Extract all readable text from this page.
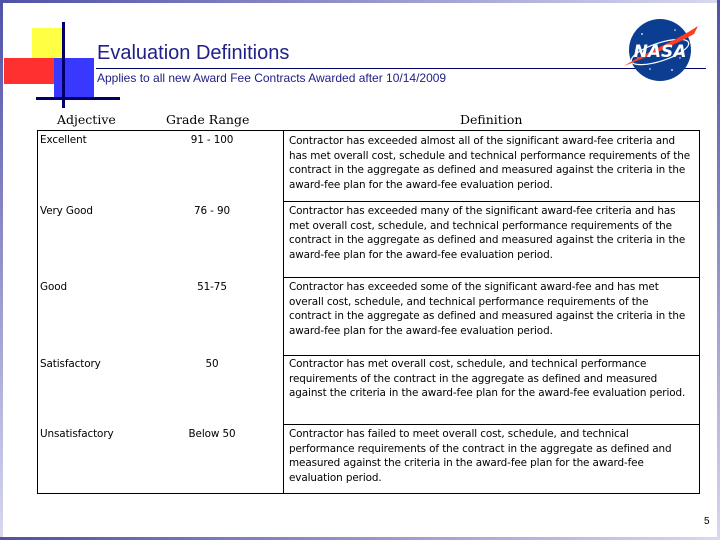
Evaluation Definitions
Applies to all new Award Fee Contracts Awarded after 10/14/2009
NASA
Adjective	Grade Range	Definition
Excellent	91 - 100	Contractor has exceeded almost all of the significant award-fee criteria and has met overall cost, schedule and technical performance requirements of the contract in the aggregate as defined and measured against the criteria in the award-fee plan for the award-fee evaluation period.
Very Good	76 - 90	Contractor has exceeded many of the significant award-fee criteria and has met overall cost, schedule, and technical performance requirements of the contract in the aggregate as defined and measured against the criteria in the award-fee plan for the award-fee evaluation period.
Good	51-75	Contractor has exceeded some of the significant award-fee and has met overall cost, schedule, and technical performance requirements of the contract in the aggregate as defined and measured against the criteria in the award-fee plan for the award-fee evaluation period.
Satisfactory	50	Contractor has met overall cost, schedule, and technical performance requirements of the contract in the aggregate as defined and measured against the criteria in the award-fee plan for the award-fee evaluation period.
Unsatisfactory	Below 50	Contractor has failed to meet overall cost, schedule, and technical performance requirements of the contract in the aggregate as defined and measured against the criteria in the award-fee plan for the award-fee evaluation period.
5
